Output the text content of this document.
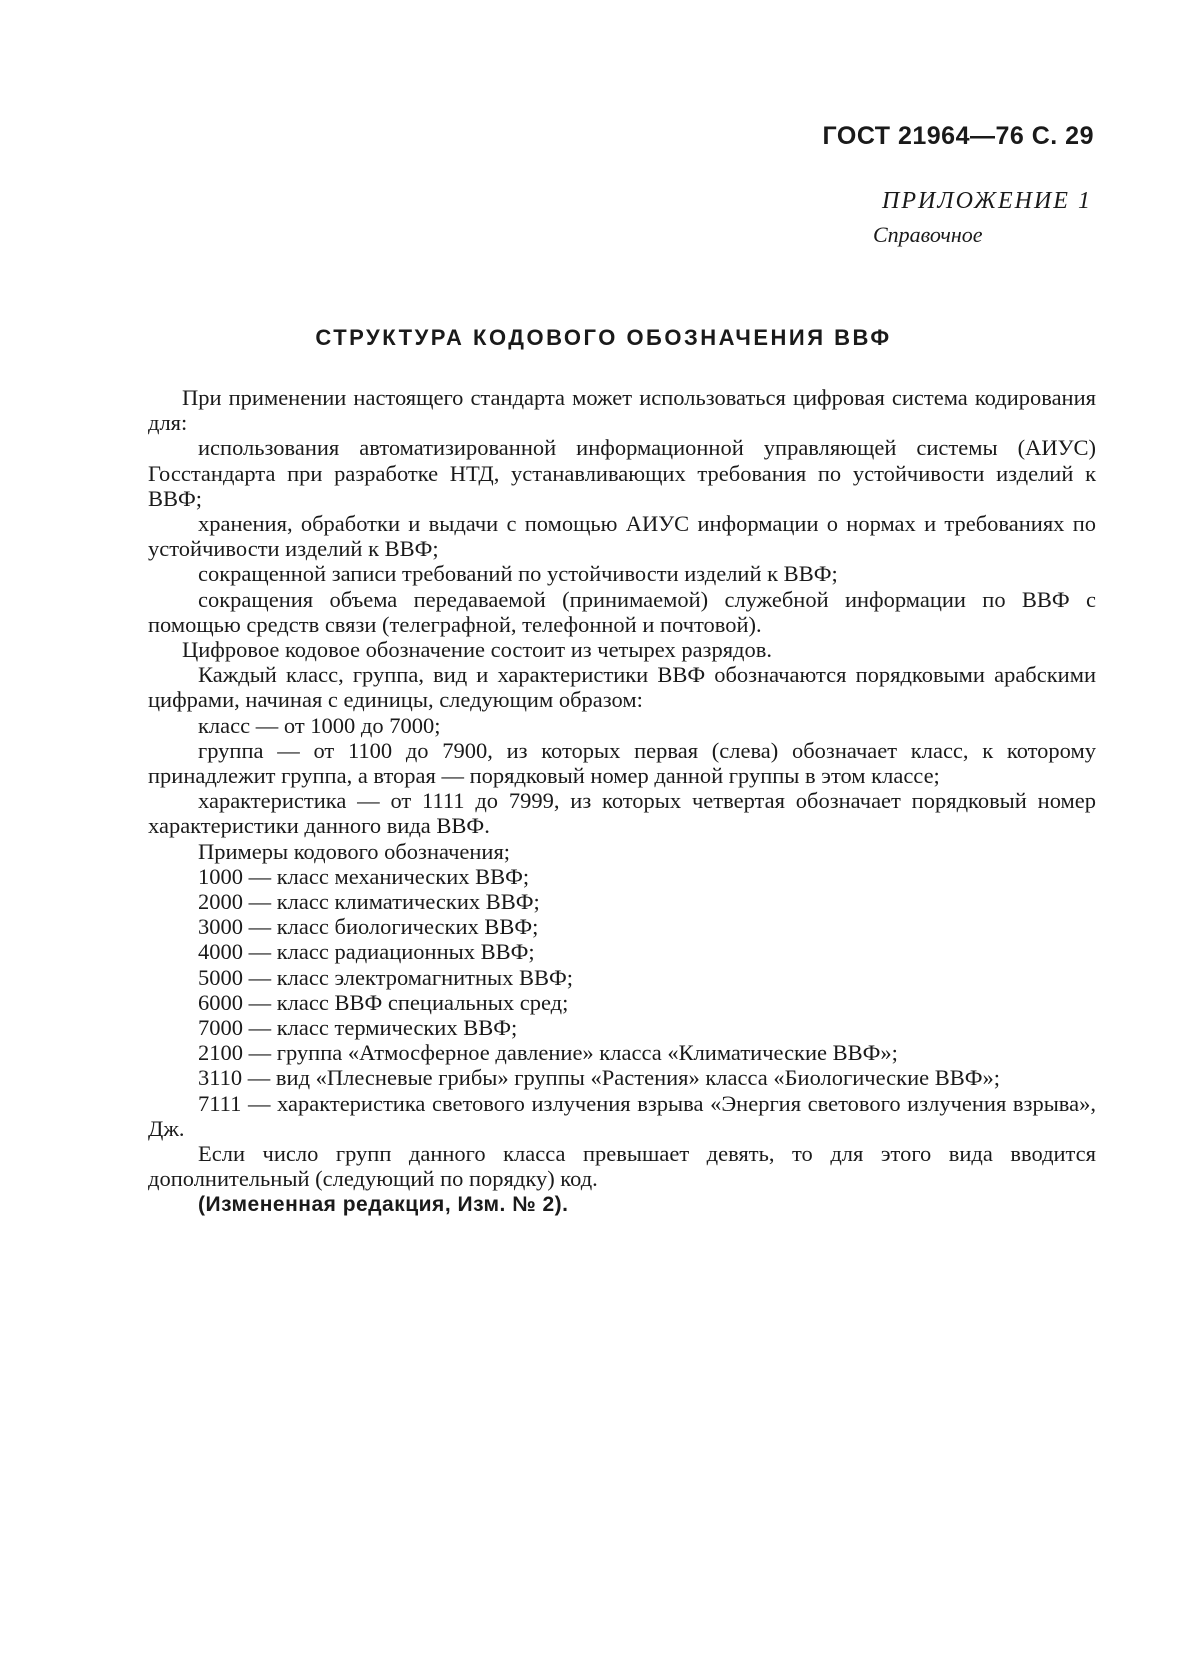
ГОСТ 21964—76 С. 29
ПРИЛОЖЕНИЕ 1
Справочное
СТРУКТУРА КОДОВОГО ОБОЗНАЧЕНИЯ ВВФ

При применении настоящего стандарта может использоваться цифровая система кодирования для:

использования автоматизированной информационной управляющей системы (АИУС) Госстандарта при разработке НТД, устанавливающих требования по устойчивости изделий к ВВФ;

хранения, обработки и выдачи с помощью АИУС информации о нормах и требованиях по устойчивости изделий к ВВФ;

сокращенной записи требований по устойчивости изделий к ВВФ;

сокращения объема передаваемой (принимаемой) служебной информации по ВВФ с помощью средств связи (телеграфной, телефонной и почтовой).

Цифровое кодовое обозначение состоит из четырех разрядов.

Каждый класс, группа, вид и характеристики ВВФ обозначаются порядковыми арабскими цифрами, начиная с единицы, следующим образом:

класс — от 1000 до 7000;

группа — от 1100 до 7900, из которых первая (слева) обозначает класс, к которому принадлежит группа, а вторая — порядковый номер данной группы в этом классе;

характеристика — от 1111 до 7999, из которых четвертая обозначает порядковый номер характеристики данного вида ВВФ.

Примеры кодового обозначения;

1000 — класс механических ВВФ;

2000 — класс климатических ВВФ;

3000 — класс биологических ВВФ;

4000 — класс радиационных ВВФ;

5000 — класс электромагнитных ВВФ;

6000 — класс ВВФ специальных сред;

7000 — класс термических ВВФ;

2100 — группа «Атмосферное давление» класса «Климатические ВВФ»;

3110 — вид «Плесневые грибы» группы «Растения» класса «Биологические ВВФ»;

7111 — характеристика светового излучения взрыва «Энергия светового излучения взрыва», Дж.

Если число групп данного класса превышает девять, то для этого вида вводится дополнительный (следующий по порядку) код.

(Измененная редакция, Изм. № 2).
